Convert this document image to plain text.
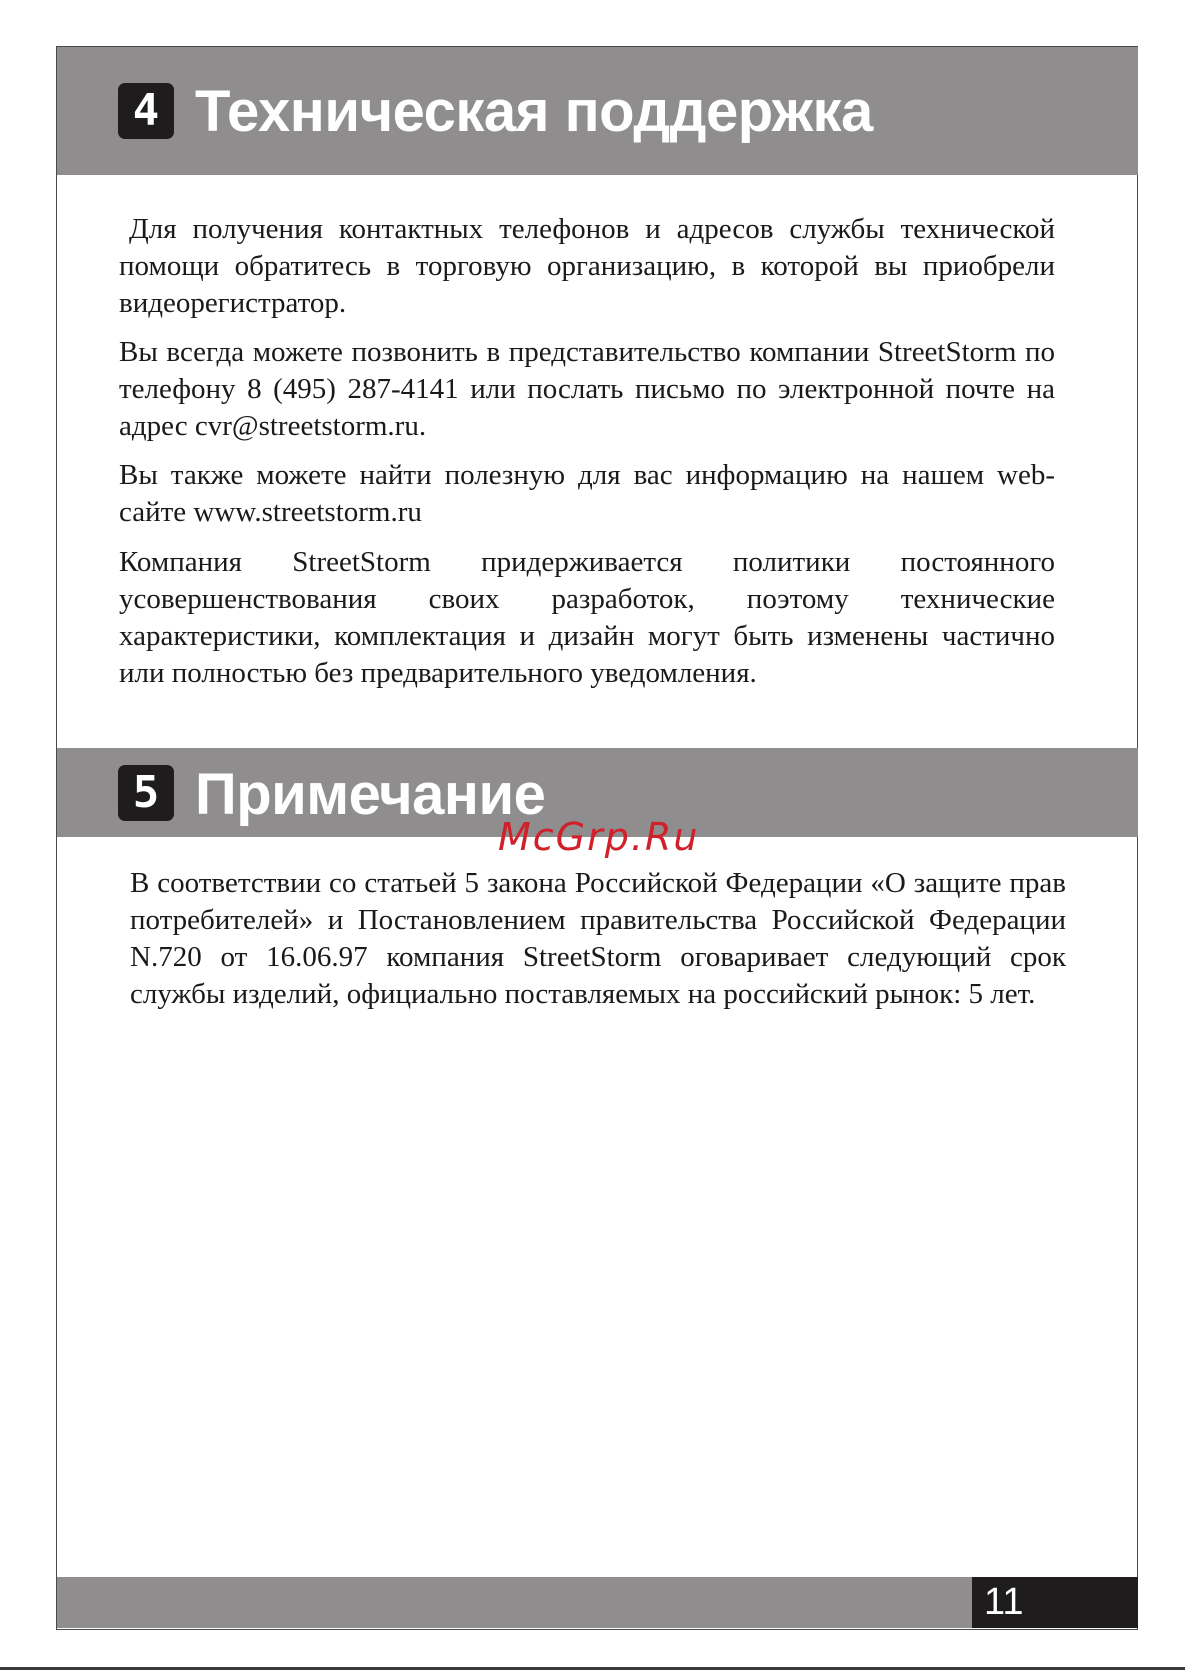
4 Техническая поддержка

Для получения контактных телефонов и адресов службы технической помощи обратитесь в торговую организацию, в которой вы приобрели видеорегистратор.

Вы всегда можете позвонить в представительство компании StreetStorm по телефону 8 (495) 287-4141 или послать письмо по электронной почте на адрес cvr@streetstorm.ru.

Вы также можете найти полезную для вас информацию на нашем web-сайте www.streetstorm.ru

Компания StreetStorm придерживается политики постоянного усовершенствования своих разработок, поэтому технические характеристики, комплектация и дизайн могут быть изменены частично или полностью без предварительного уведомления.

5 Примечание
McGrp.Ru

В соответствии со статьей 5 закона Российской Федерации «О защите прав потребителей» и Постановлением правительства Российской Федерации N.720 от 16.06.97 компания StreetStorm оговаривает следующий срок службы изделий, официально поставляемых на российский рынок: 5 лет.

11
